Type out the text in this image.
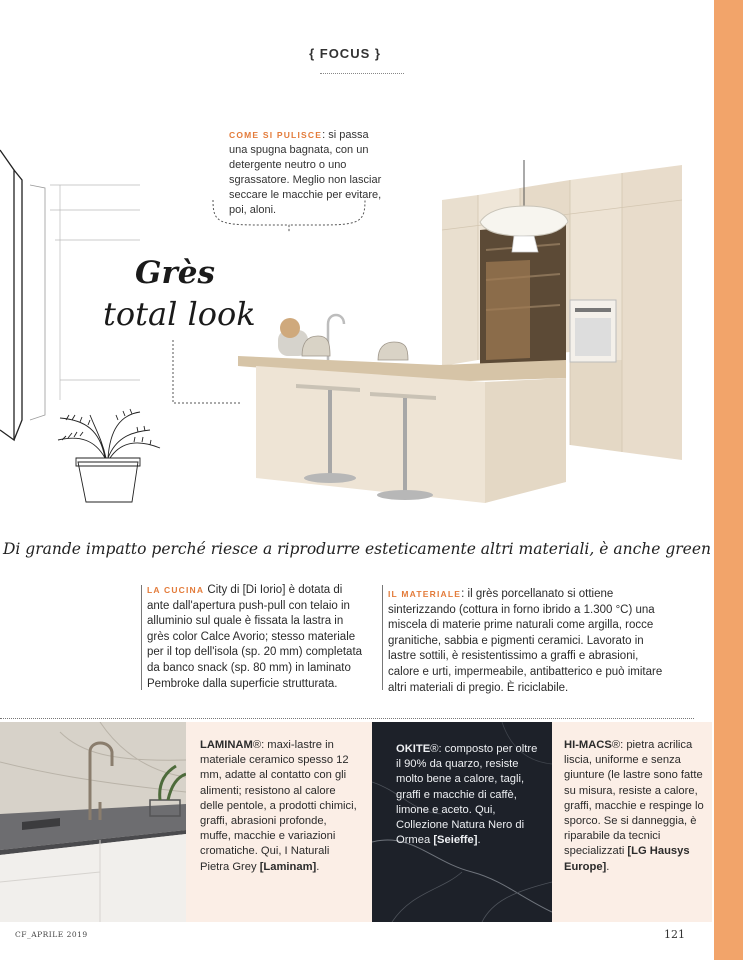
{ FOCUS }
COME SI PULISCE: si passa una spugna bagnata, con un detergente neutro o uno sgrassatore. Meglio non lasciar seccare le macchie per evitare, poi, aloni.
Grès
total look
Di grande impatto perché riesce a riprodurre esteticamente altri materiali, è anche green
LA CUCINA City di [Di Iorio] è dotata di ante dall'apertura push-pull con telaio in alluminio sul quale è fissata la lastra in grès color Calce Avorio; stesso materiale per il top dell'isola (sp. 20 mm) completata da banco snack (sp. 80 mm) in laminato Pembroke dalla superficie strutturata.
IL MATERIALE: il grès porcellanato si ottiene sinterizzando (cottura in forno ibrido a 1.300 °C) una miscela di materie prime naturali come argilla, rocce granitiche, sabbia e pigmenti ceramici. Lavorato in lastre sottili, è resistentissimo a graffi e abrasioni, calore e urti, impermeabile, antibatterico e può imitare altri materiali di pregio. È riciclabile.
LAMINAM®: maxi-lastre in materiale ceramico spesso 12 mm, adatte al contatto con gli alimenti; resistono al calore delle pentole, a prodotti chimici, graffi, abrasioni profonde, muffe, macchie e variazioni cromatiche. Qui, I Naturali Pietra Grey [Laminam].
OKITE®: composto per oltre il 90% da quarzo, resiste molto bene a calore, tagli, graffi e macchie di caffè, limone e aceto. Qui, Collezione Natura Nero di Ormea [Seieffe].
HI-MACS®: pietra acrilica liscia, uniforme e senza giunture (le lastre sono fatte su misura, resiste a calore, graffi, macchie e respinge lo sporco. Se si danneggia, è riparabile da tecnici specializzati [LG Hausys Europe].
CF_APRILE 2019	121
